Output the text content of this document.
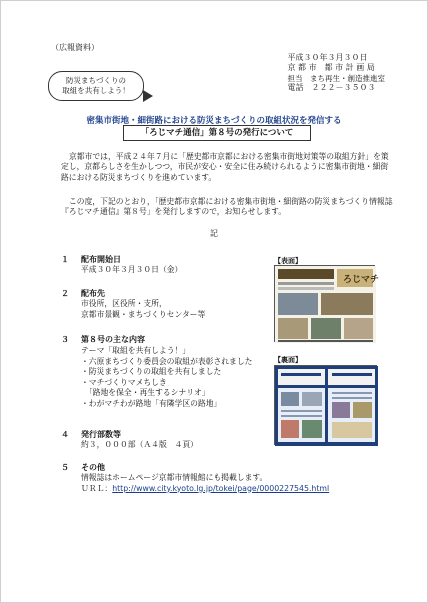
（広報資料）
平成３０年３月３０日
京 都 市　都 市 計 画 局
担当　まち再生・創造推進室
電話　２２２－３５０３
防災まちづくりの
取組を共有しよう！
密集市街地・細街路における防災まちづくりの取組状況を発信する
「ろじマチ通信」第８号の発行について
京都市では，平成２４年７月に「歴史都市京都における密集市街地対策等の取組方針」を策定し，京都らしさを生かしつつ，市民が安心・安全に住み続けられるように密集市街地・細街路における防災まちづくりを進めています。
この度，下記のとおり，「歴史都市京都における密集市街地・細街路の防災まちづくり情報誌『ろじマチ通信』第８号」を発行しますので，お知らせします。
記
１ 配布開始日
平成３０年３月３０日（金）
２ 配布先
市役所，区役所・支所，
京都市景観・まちづくりセンター等
３ 第８号の主な内容
テーマ「取組を共有しよう！」
・六原まちづくり委員会の取組が表彰されました
・防災まちづくりの取組を共有しました
・マチづくりマメちしき
　「路地を保全・再生するシナリオ」
・わがマチわが路地「有隣学区の路地」
４ 発行部数等
約３，０００部（Ａ４版　４頁）
５ その他
情報誌はホームページ京都市情報館にも掲載します。
ＵＲＬ：http://www.city.kyoto.lg.jp/tokei/page/0000227545.html
【表面】
ろじマチ
【裏面】
